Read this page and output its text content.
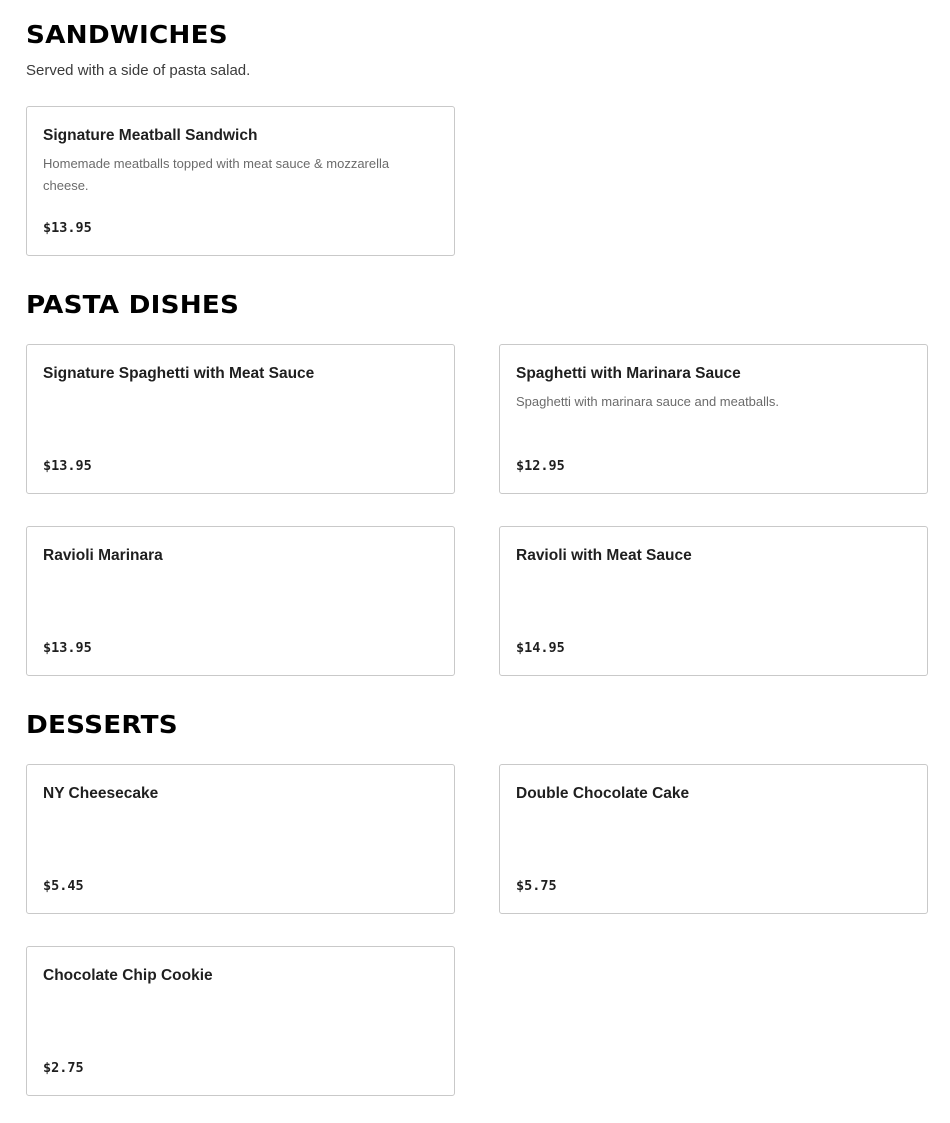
SANDWICHES

Served with a side of pasta salad.

Signature Meatball Sandwich
Homemade meatballs topped with meat sauce & mozzarella cheese.
$13.95
PASTA DISHES
Signature Spaghetti with Meat Sauce
$13.95
Spaghetti with Marinara Sauce
Spaghetti with marinara sauce and meatballs.
$12.95
Ravioli Marinara
$13.95
Ravioli with Meat Sauce
$14.95
DESSERTS
NY Cheesecake
$5.45
Double Chocolate Cake
$5.75
Chocolate Chip Cookie
$2.75
